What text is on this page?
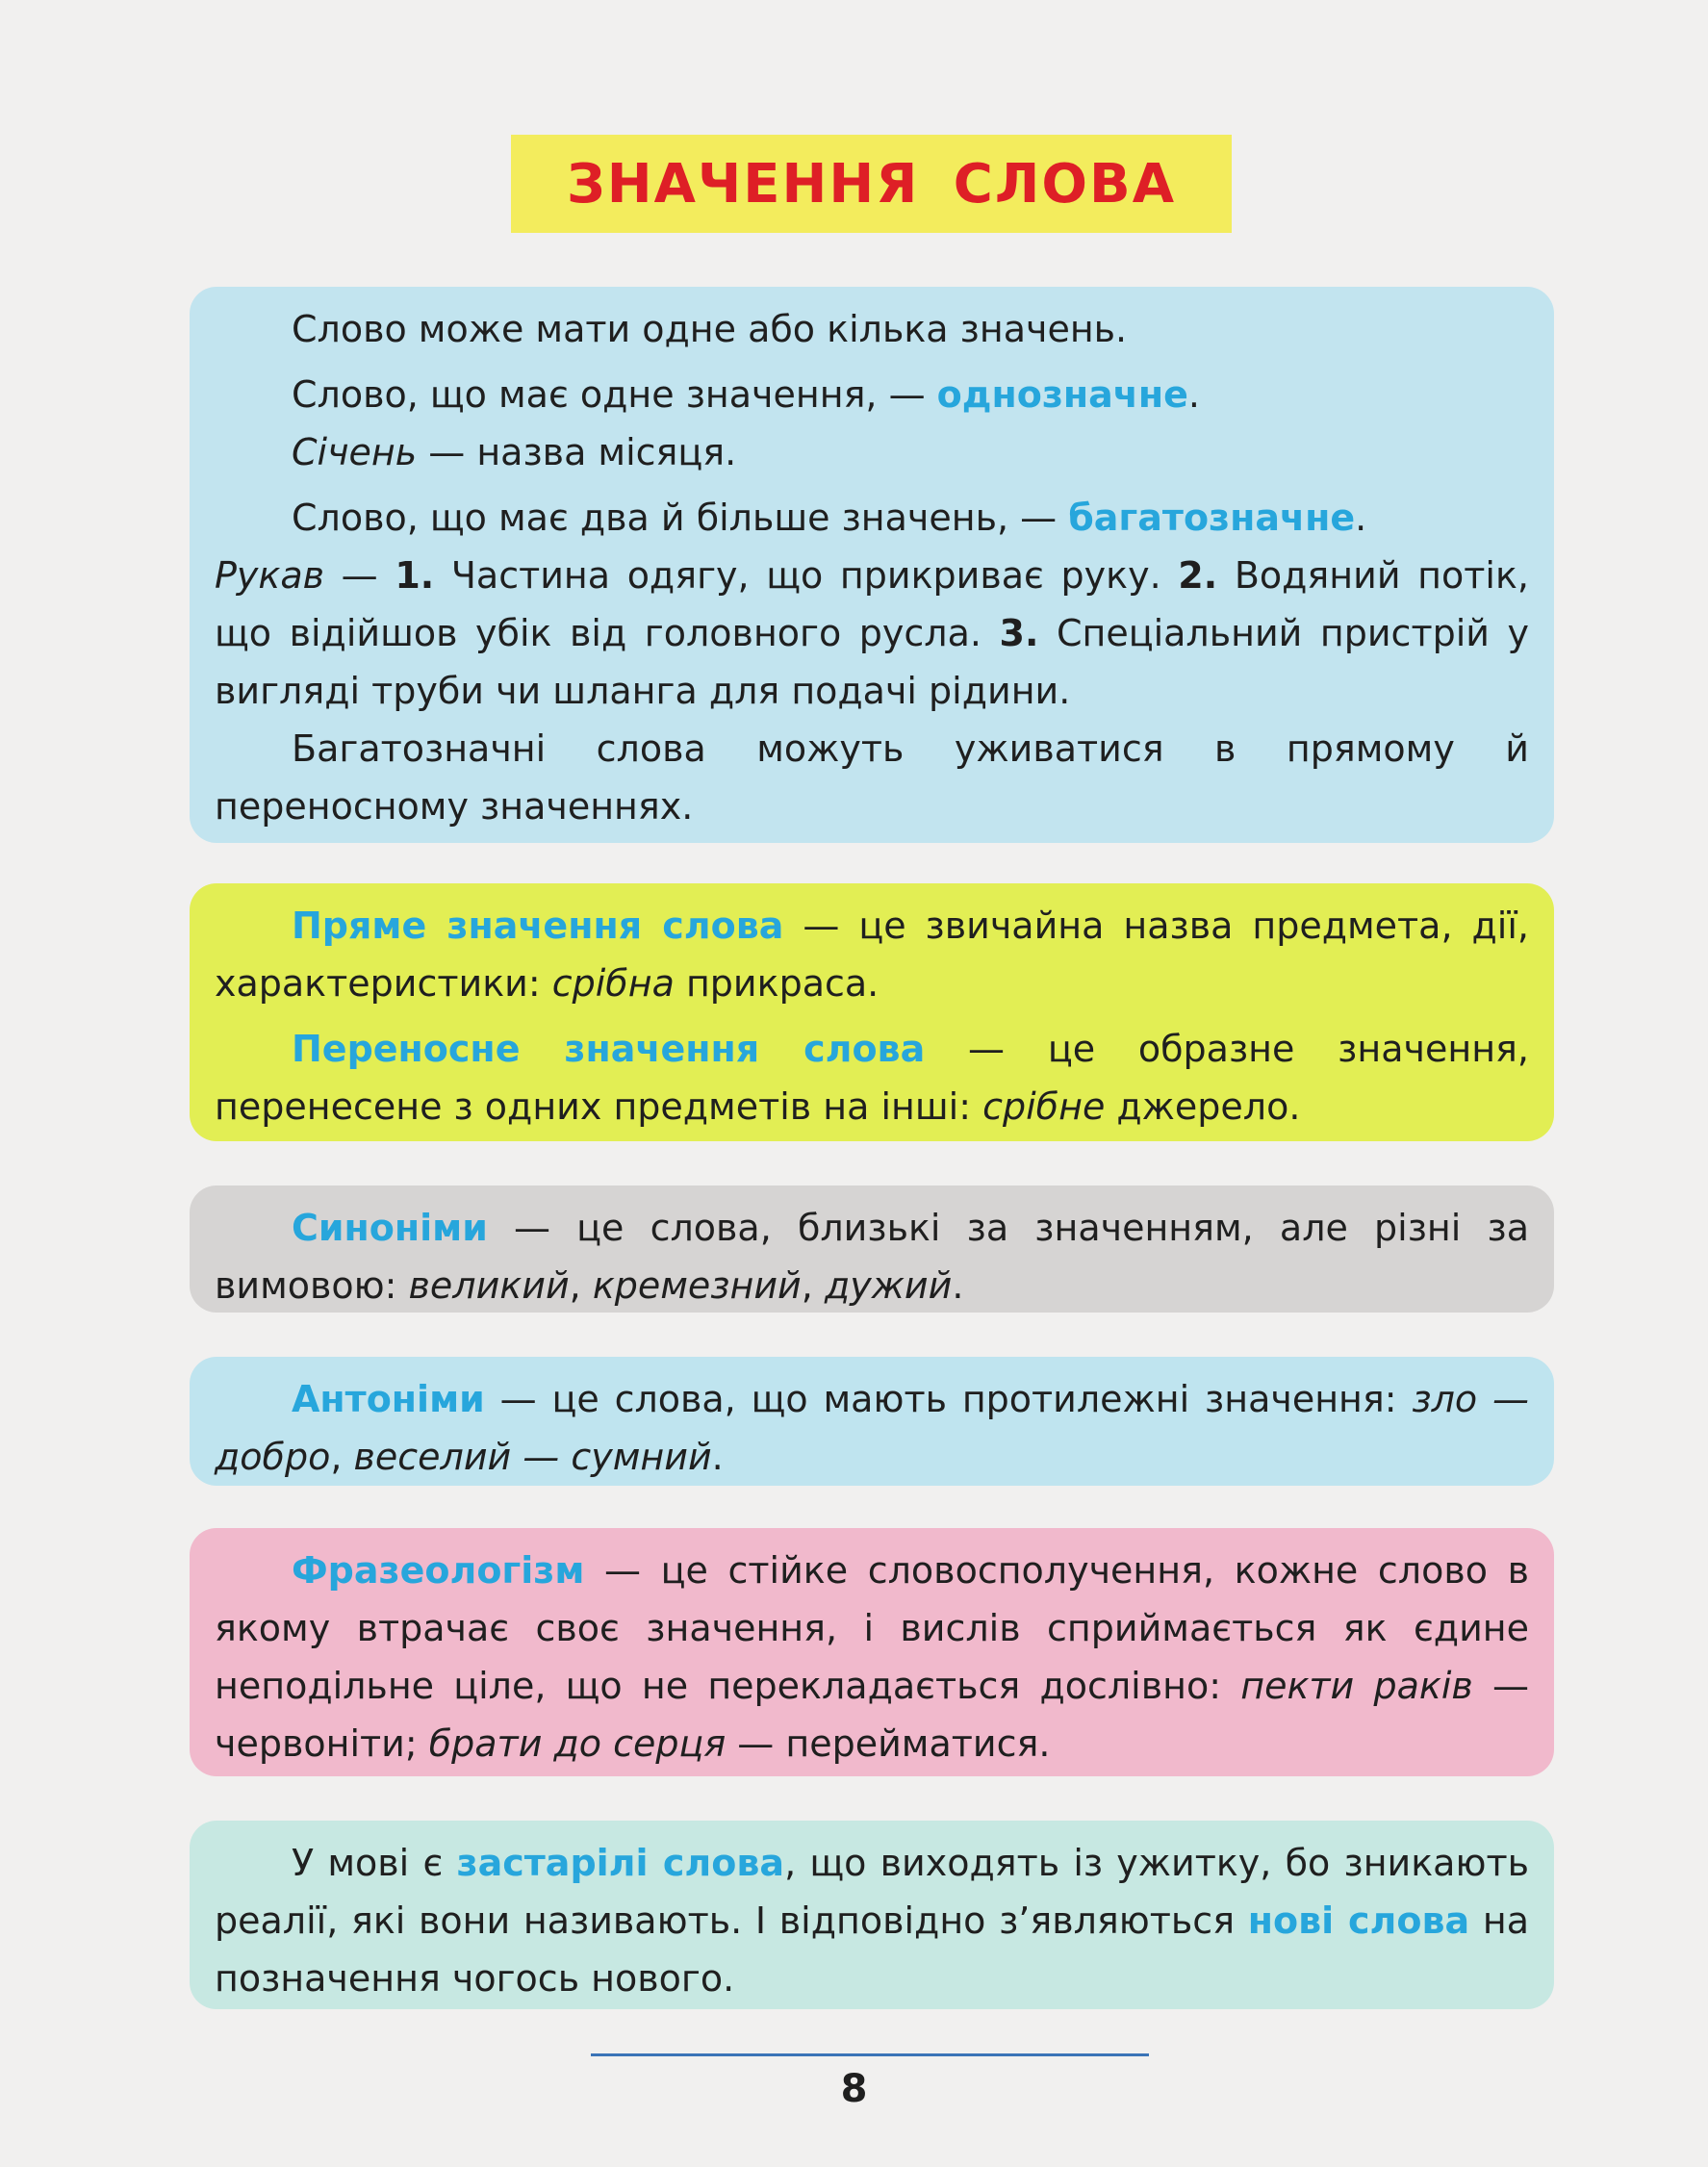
ЗНАЧЕННЯ СЛОВА

Слово може мати одне або кілька значень.

Слово, що має одне значення, — однозначне.

Січень — назва місяця.

Слово, що має два й більше значень, — багатозначне.

Рукав — 1. Частина одягу, що прикриває руку. 2. Водяний потік, що відійшов убік від головного русла. 3. Спеціальний пристрій у вигляді труби чи шланга для подачі рідини.

Багатозначні слова можуть уживатися в прямому й переносному значеннях.

Пряме значення слова — це звичайна назва предмета, дії, характеристики: срібна прикраса.

Переносне значення слова — це образне значення, перенесене з одних предметів на інші: срібне джерело.

Синоніми — це слова, близькі за значенням, але різні за вимовою: великий, кремезний, дужий.

Антоніми — це слова, що мають протилежні значення: зло — добро, веселий — сумний.

Фразеологізм — це стійке словосполучення, кожне слово в якому втрачає своє значення, і вислів сприймається як єдине неподільне ціле, що не перекладається дослівно: пекти раків — червоніти; брати до серця — перейматися.

У мові є застарілі слова, що виходять із ужитку, бо зникають реалії, які вони називають. І відповідно з’являються нові слова на позначення чогось нового.

8
